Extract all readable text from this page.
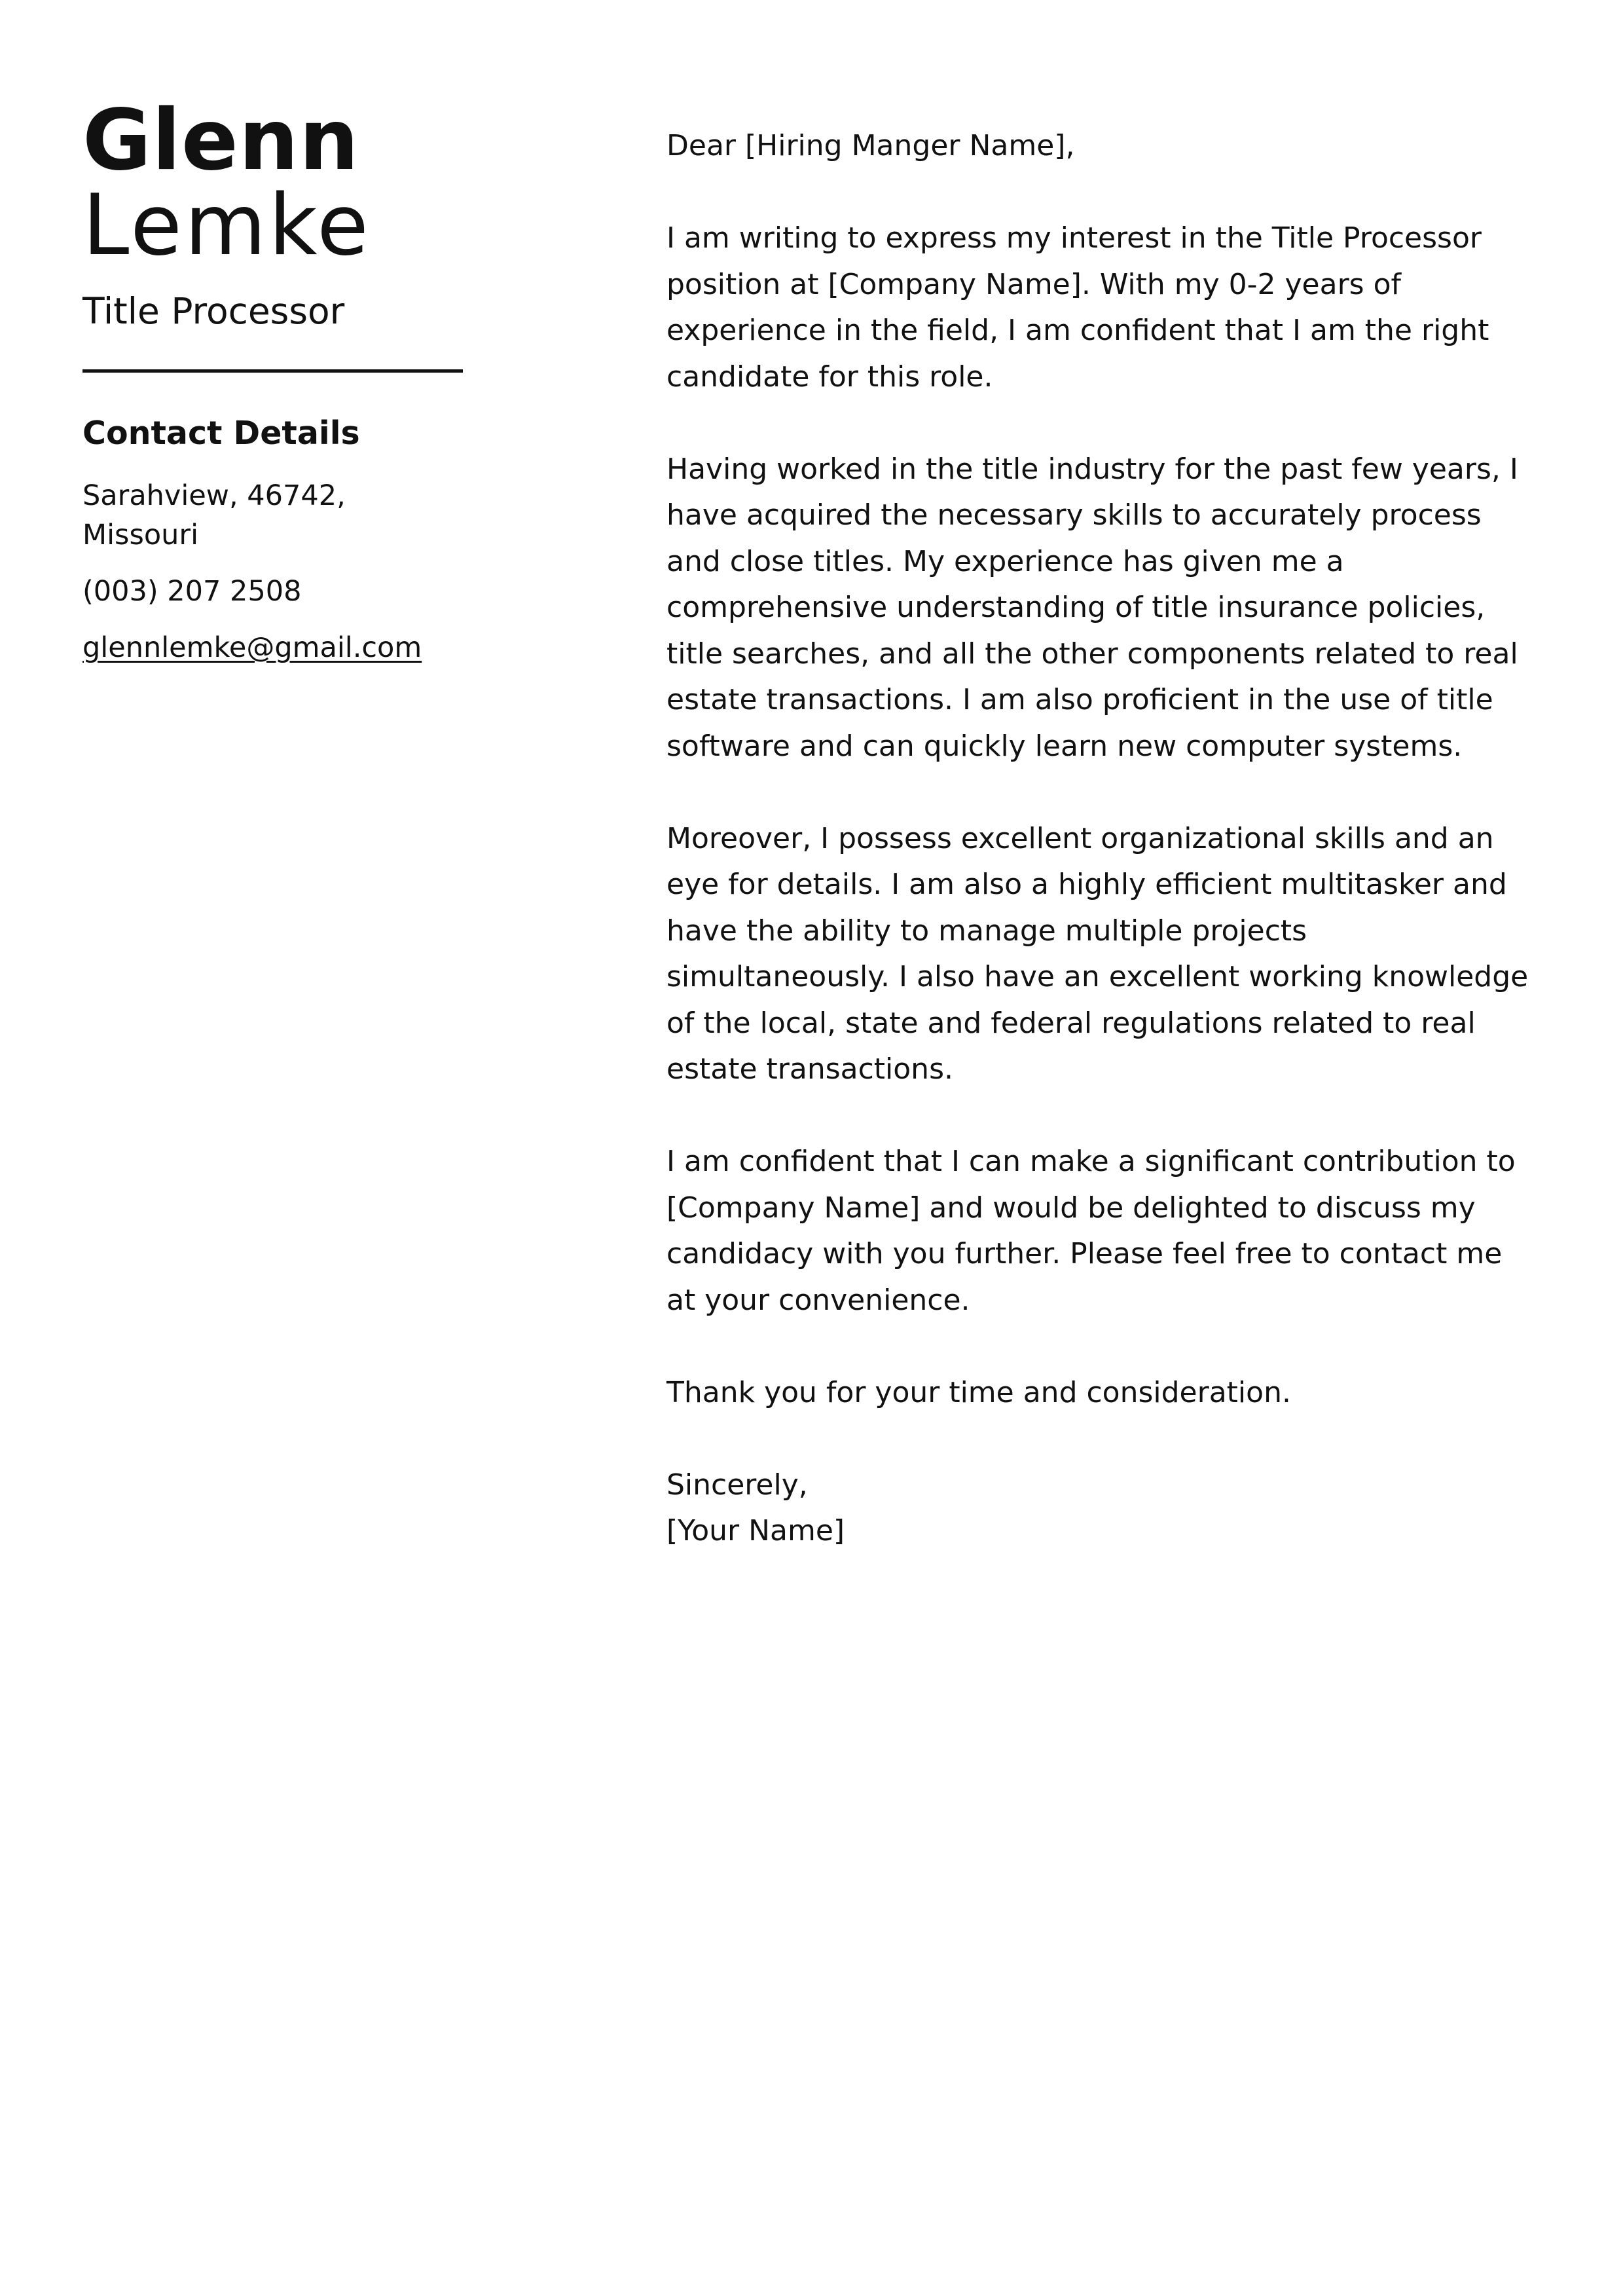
Glenn
Lemke
Title Processor
Contact Details
Sarahview, 46742, Missouri
(003) 207 2508
glennlemke@gmail.com

Dear [Hiring Manger Name],

I am writing to express my interest in the Title Processor position at [Company Name]. With my 0-2 years of experience in the field, I am confident that I am the right candidate for this role.

Having worked in the title industry for the past few years, I have acquired the necessary skills to accurately process and close titles. My experience has given me a comprehensive understanding of title insurance policies, title searches, and all the other components related to real estate transactions. I am also proficient in the use of title software and can quickly learn new computer systems.

Moreover, I possess excellent organizational skills and an eye for details. I am also a highly efficient multitasker and have the ability to manage multiple projects simultaneously. I also have an excellent working knowledge of the local, state and federal regulations related to real estate transactions.

I am confident that I can make a significant contribution to [Company Name] and would be delighted to discuss my candidacy with you further. Please feel free to contact me at your convenience.

Thank you for your time and consideration.

Sincerely,

[Your Name]
